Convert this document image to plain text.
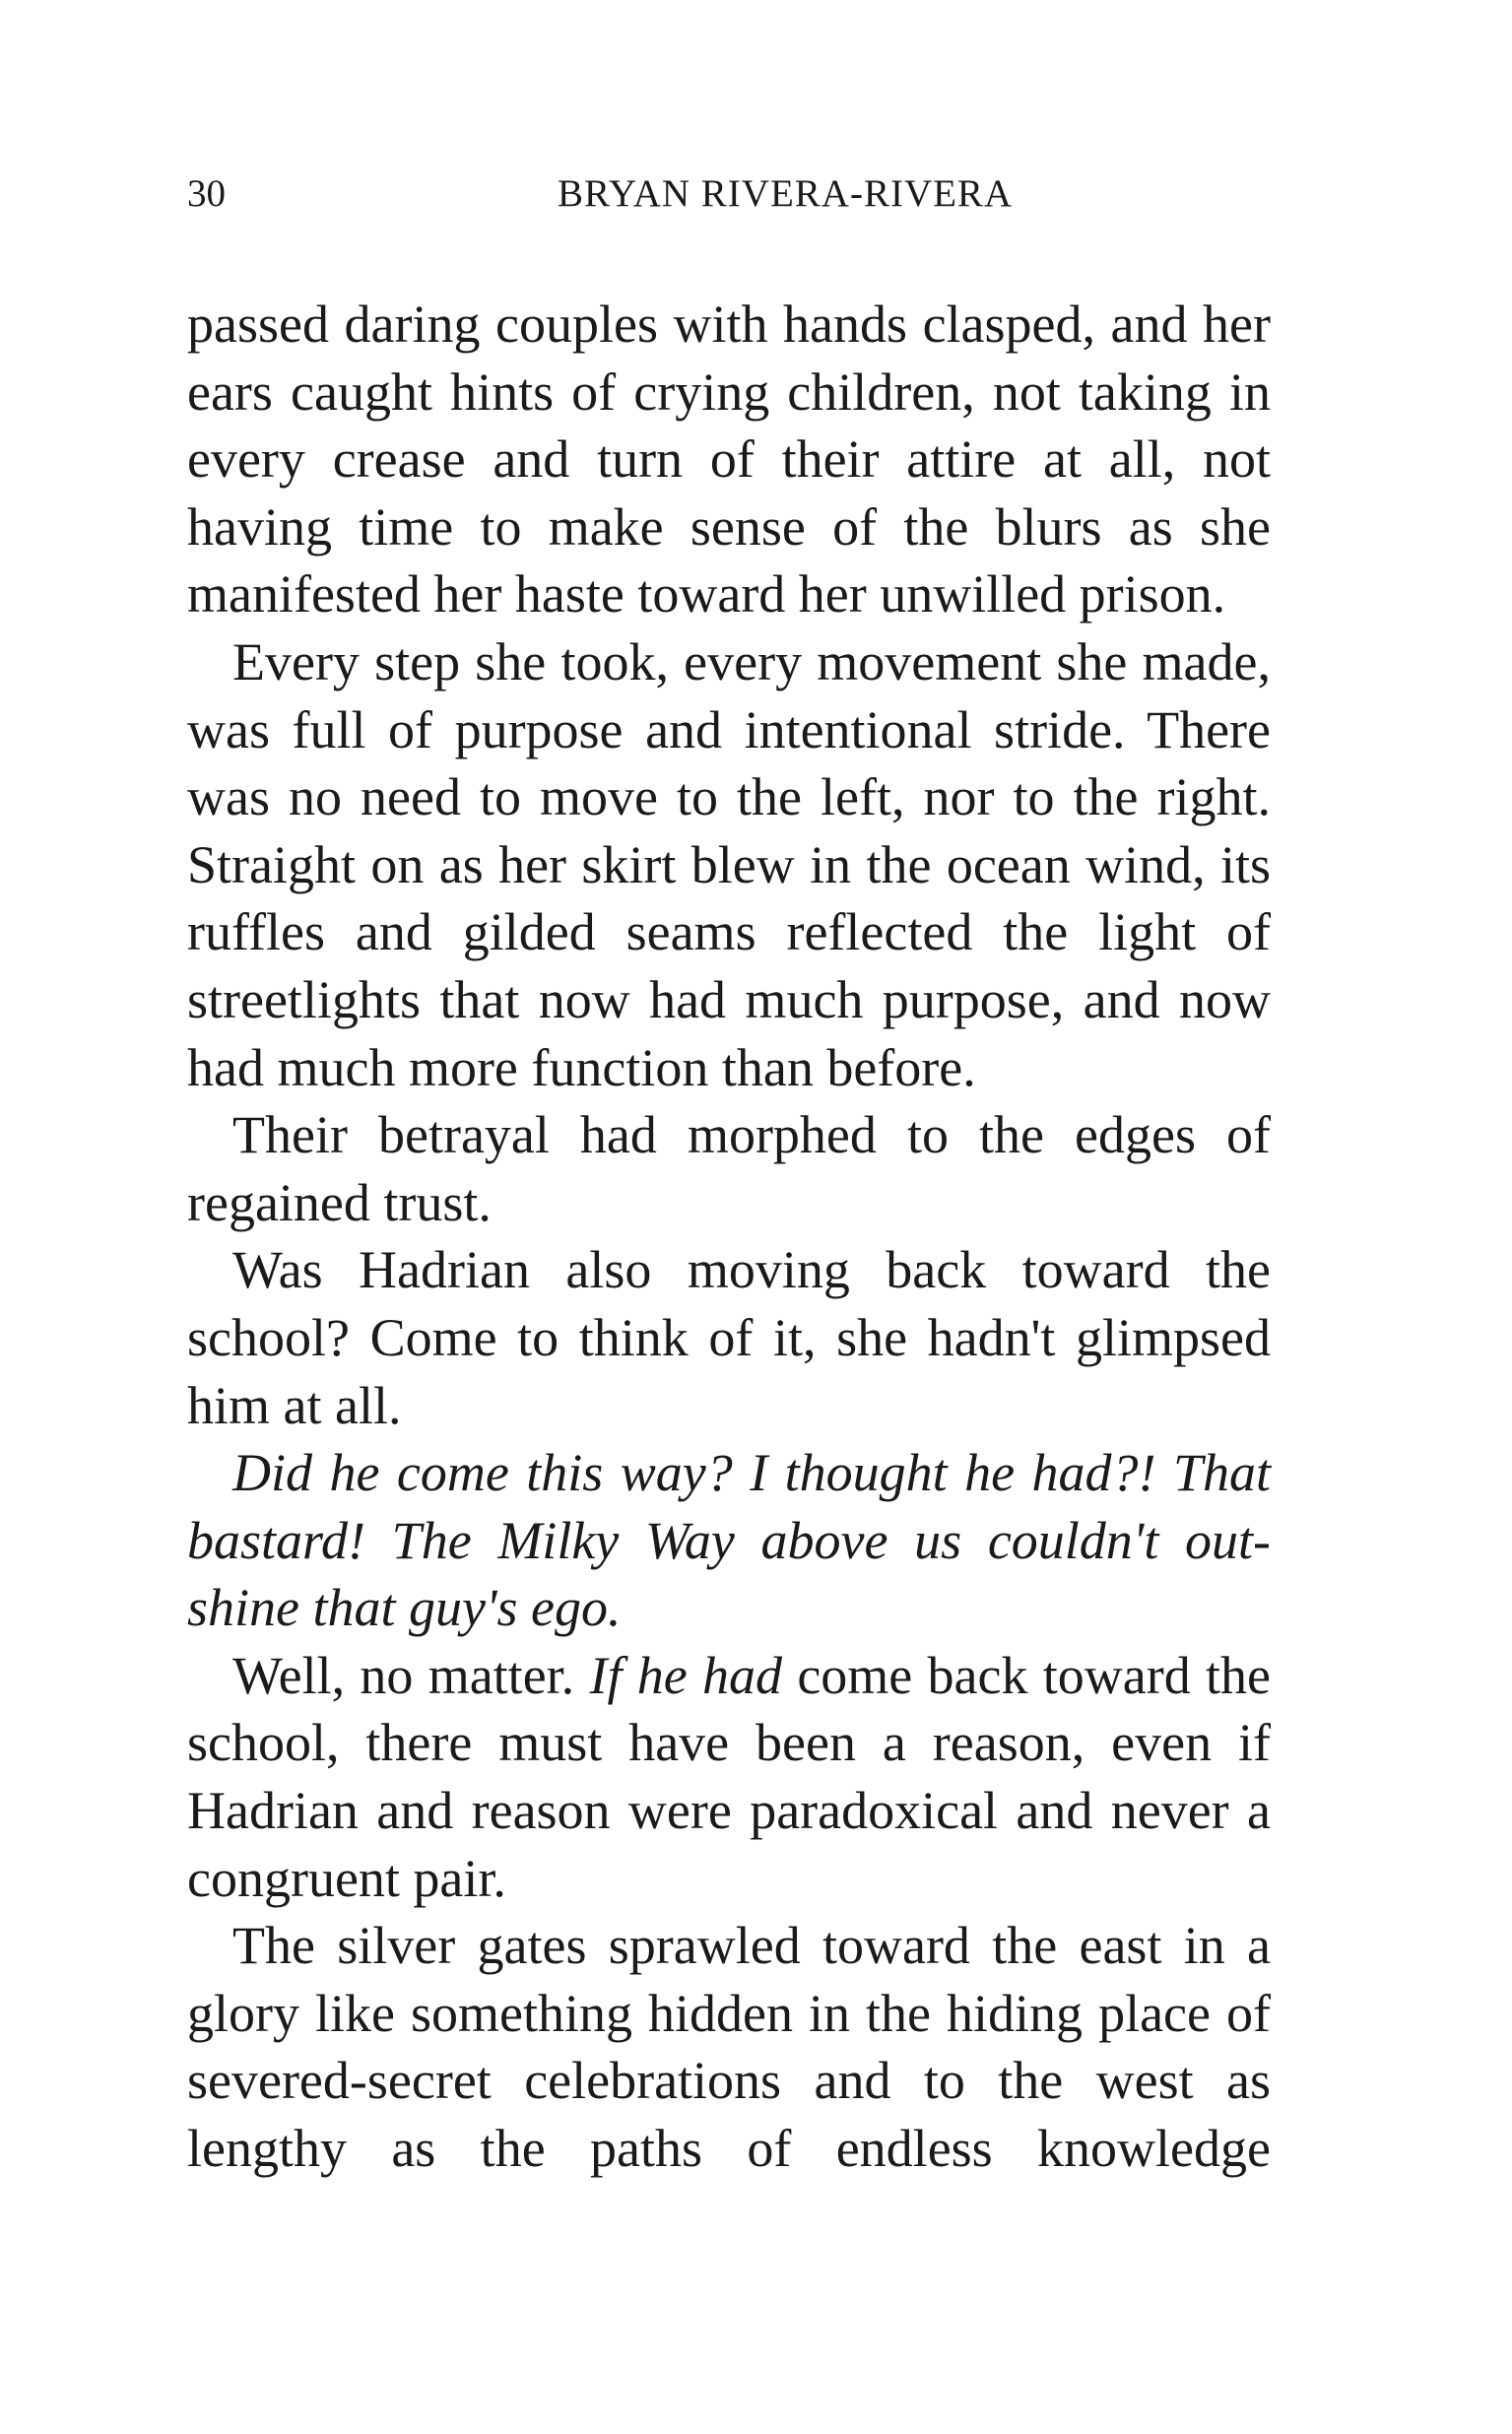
30	BRYAN RIVERA-RIVERA

passed daring couples with hands clasped, and her ears caught hints of crying children, not taking in every crease and turn of their attire at all, not having time to make sense of the blurs as she manifested her haste toward her unwilled prison.

Every step she took, every movement she made, was full of purpose and intentional stride. There was no need to move to the left, nor to the right. Straight on as her skirt blew in the ocean wind, its ruffles and gilded seams reflected the light of streetlights that now had much purpose, and now had much more function than before.

Their betrayal had morphed to the edges of regained trust.

Was Hadrian also moving back toward the school? Come to think of it, she hadn't glimpsed him at all.

Did he come this way? I thought he had?! That bastard! The Milky Way above us couldn't outshine that guy's ego.

Well, no matter. If he had come back toward the school, there must have been a reason, even if Hadrian and reason were paradoxical and never a congruent pair.

The silver gates sprawled toward the east in a glory like something hidden in the hiding place of severed-secret celebrations and to the west as lengthy as the paths of endless knowledge
